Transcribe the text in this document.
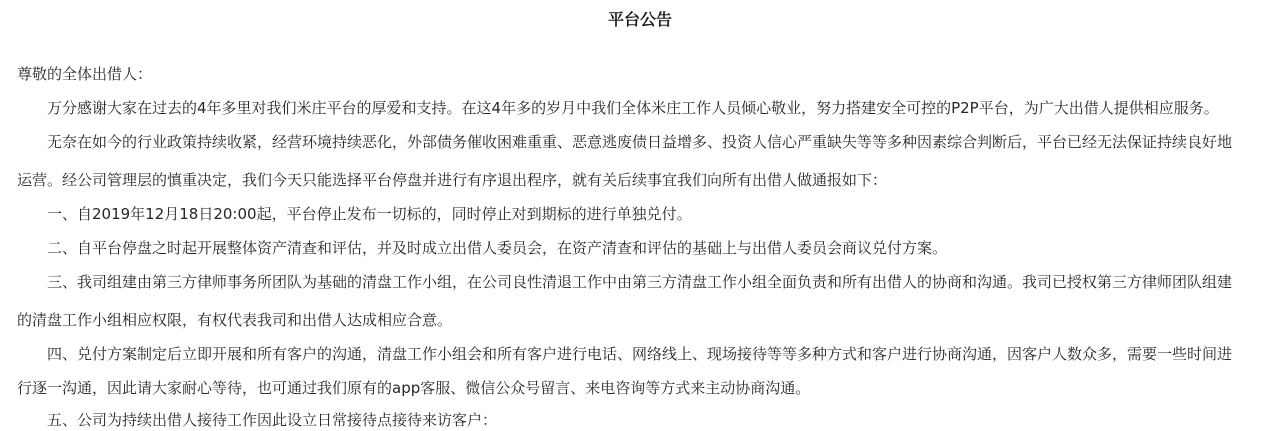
平台公告
尊敬的全体出借人：
万分感谢大家在过去的4年多里对我们米庄平台的厚爱和支持。在这4年多的岁月中我们全体米庄工作人员倾心敬业，努力搭建安全可控的P2P平台，为广大出借人提供相应服务。
无奈在如今的行业政策持续收紧，经营环境持续恶化，外部债务催收困难重重、恶意逃废债日益增多、投资人信心严重缺失等等多种因素综合判断后，平台已经无法保证持续良好地
运营。经公司管理层的慎重决定，我们今天只能选择平台停盘并进行有序退出程序，就有关后续事宜我们向所有出借人做通报如下：
一、自2019年12月18日20:00起，平台停止发布一切标的，同时停止对到期标的进行单独兑付。
二、自平台停盘之时起开展整体资产清查和评估，并及时成立出借人委员会，在资产清查和评估的基础上与出借人委员会商议兑付方案。
三、我司组建由第三方律师事务所团队为基础的清盘工作小组，在公司良性清退工作中由第三方清盘工作小组全面负责和所有出借人的协商和沟通。我司已授权第三方律师团队组建
的清盘工作小组相应权限，有权代表我司和出借人达成相应合意。
四、兑付方案制定后立即开展和所有客户的沟通，清盘工作小组会和所有客户进行电话、网络线上、现场接待等等多种方式和客户进行协商沟通，因客户人数众多，需要一些时间进
行逐一沟通，因此请大家耐心等待，也可通过我们原有的app客服、微信公众号留言、来电咨询等方式来主动协商沟通。
五、公司为持续出借人接待工作因此设立日常接待点接待来访客户：
